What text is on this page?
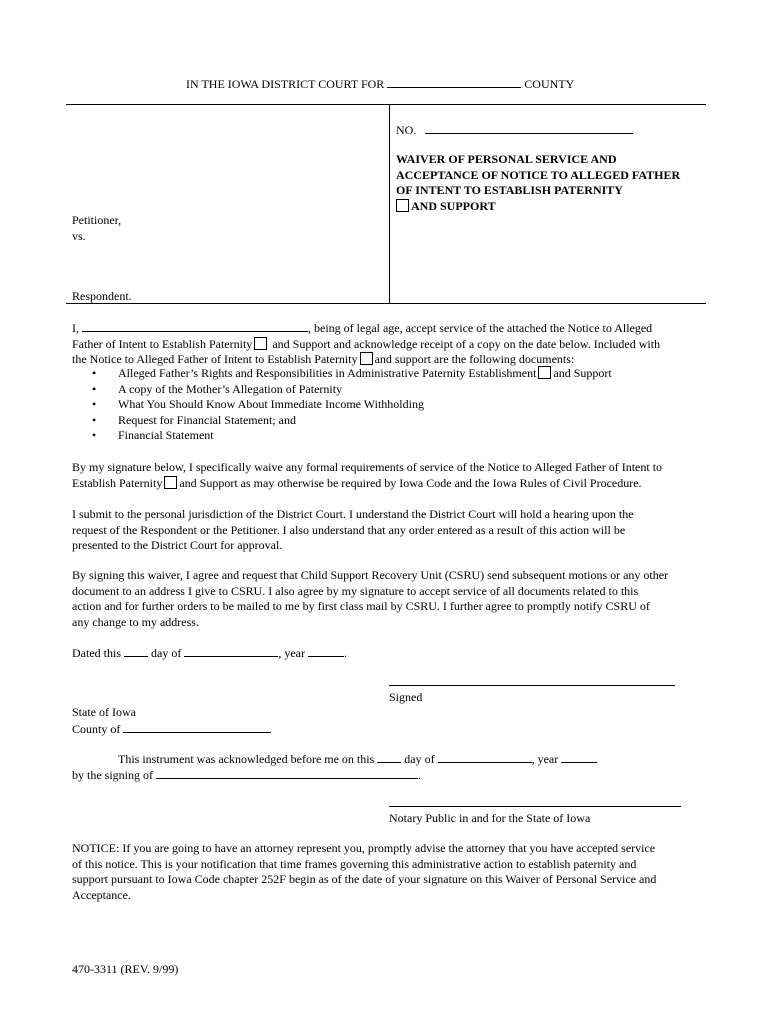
IN THE IOWA DISTRICT COURT FOR	COUNTY
NO.
WAIVER OF PERSONAL SERVICE AND
ACCEPTANCE OF NOTICE TO ALLEGED FATHER
OF INTENT TO ESTABLISH PATERNITY
AND SUPPORT
Petitioner,
vs.
Respondent.
I,	, being of legal age, accept service of the attached the Notice to Alleged
Father of Intent to Establish Paternity and Support and acknowledge receipt of a copy on the date below. Included with
the Notice to Alleged Father of Intent to Establish Paternity and support are the following documents:
• Alleged Father’s Rights and Responsibilities in Administrative Paternity Establishment and Support
• A copy of the Mother’s Allegation of Paternity
• What You Should Know About Immediate Income Withholding
• Request for Financial Statement; and
• Financial Statement
By my signature below, I specifically waive any formal requirements of service of the Notice to Alleged Father of Intent to
Establish Paternity and Support as may otherwise be required by Iowa Code and the Iowa Rules of Civil Procedure.
I submit to the personal jurisdiction of the District Court. I understand the District Court will hold a hearing upon the
request of the Respondent or the Petitioner. I also understand that any order entered as a result of this action will be
presented to the District Court for approval.
By signing this waiver, I agree and request that Child Support Recovery Unit (CSRU) send subsequent motions or any other
document to an address I give to CSRU. I also agree by my signature to accept service of all documents related to this
action and for further orders to be mailed to me by first class mail by CSRU. I further agree to promptly notify CSRU of
any change to my address.
Dated this	day of	, year	.
Signed
State of Iowa
County of
This instrument was acknowledged before me on this	day of	, year
by the signing of	.
Notary Public in and for the State of Iowa
NOTICE: If you are going to have an attorney represent you, promptly advise the attorney that you have accepted service
of this notice. This is your notification that time frames governing this administrative action to establish paternity and
support pursuant to Iowa Code chapter 252F begin as of the date of your signature on this Waiver of Personal Service and
Acceptance.
470-3311 (REV. 9/99)
